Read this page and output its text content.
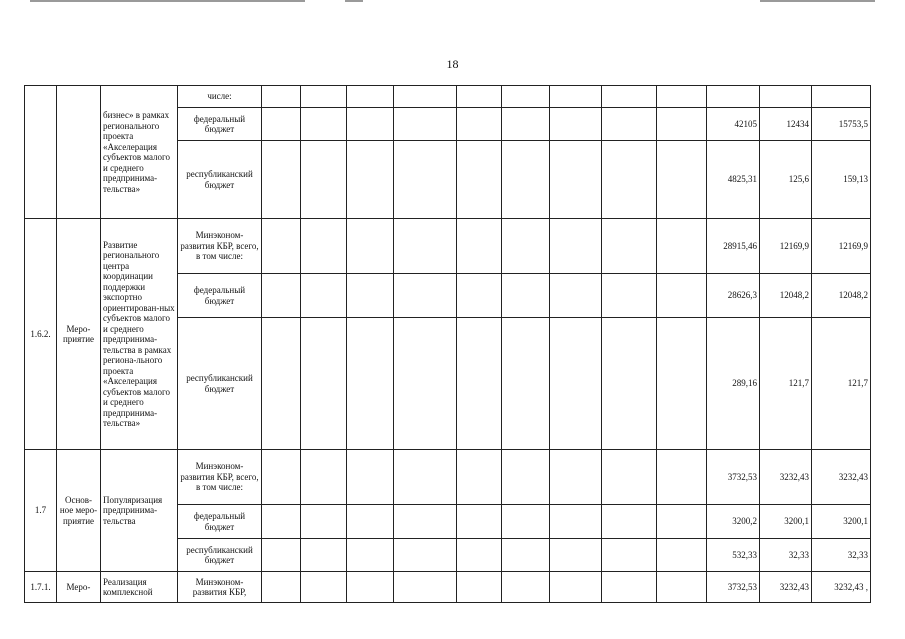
18
		бизнес» в рамках регионального проекта «Акселерация субъектов малого и среднего предпринима-тельства»	числе:												
			федеральный бюджет										42105	12434	15753,5
			республиканский бюджет										4825,31	125,6	159,13
1.6.2.	Меро-приятие	Развитие регионального центра координации поддержки экспортно ориентирован-ных субъектов малого и среднего предпринима-тельства в рамках региона-льного проекта «Акселерация субъектов малого и среднего предпринима-тельства»	Минэконом-развития КБР, всего, в том числе:										28915,46	12169,9	12169,9
			федеральный бюджет										28626,3	12048,2	12048,2
			республиканский бюджет										289,16	121,7	121,7
1.7	Основ-ное меро-приятие	Популяризация предпринима-тельства	Минэконом-развития КБР, всего, в том числе:										3732,53	3232,43	3232,43
			федеральный бюджет										3200,2	3200,1	3200,1
			республиканский бюджет										532,33	32,33	32,33
1.7.1.	Меро-	Реализация комплексной	Минэконом-развития КБР,										3732,53	3232,43	3232,43 ,
